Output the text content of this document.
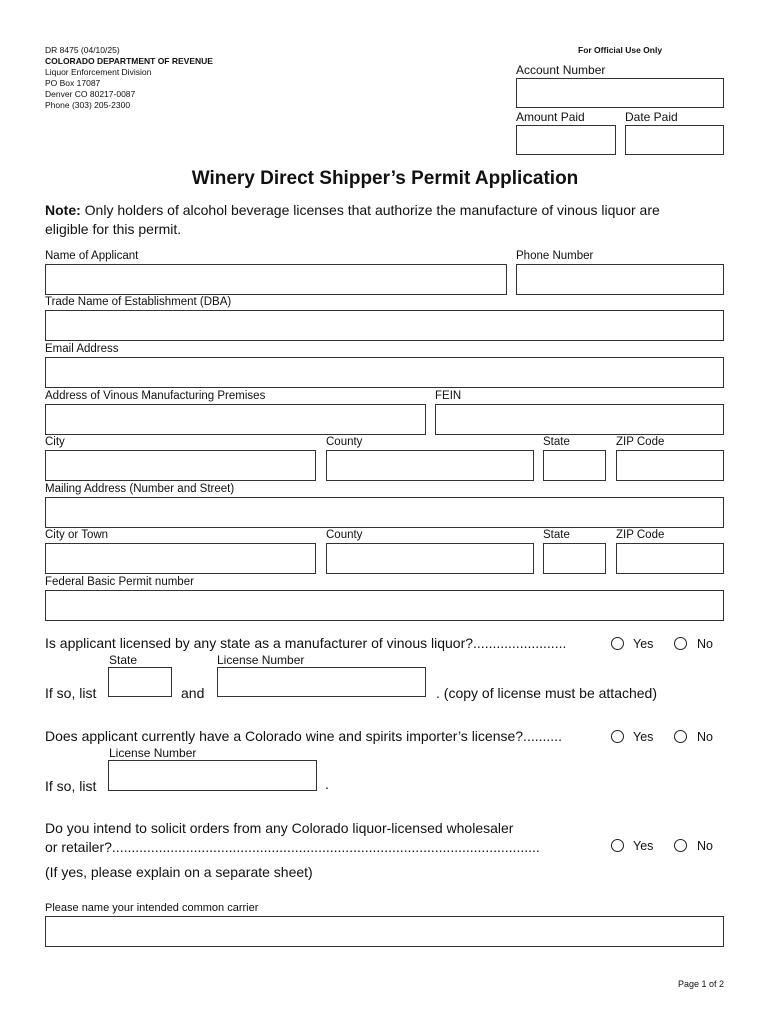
DR 8475 (04/10/25)
COLORADO DEPARTMENT OF REVENUE
Liquor Enforcement Division
PO Box 17087
Denver CO 80217-0087
Phone (303) 205-2300
For Official Use Only
Account Number
Amount Paid	Date Paid
Winery Direct Shipper’s Permit Application
Note: Only holders of alcohol beverage licenses that authorize the manufacture of vinous liquor are
eligible for this permit.
Name of Applicant	Phone Number
Trade Name of Establishment (DBA)
Email Address
Address of Vinous Manufacturing Premises	FEIN
City	County	State	ZIP Code
Mailing Address (Number and Street)
City or Town	County	State	ZIP Code
Federal Basic Permit number
Is applicant licensed by any state as a manufacturer of vinous liquor?........................	Yes	No
State	License Number
If so, list	and	. (copy of license must be attached)
Does applicant currently have a Colorado wine and spirits importer’s license?..........	Yes	No
License Number
If so, list	.
Do you intend to solicit orders from any Colorado liquor-licensed wholesaler
or retailer?..............................................................................................................	Yes	No
(If yes, please explain on a separate sheet)
Please name your intended common carrier
Page 1 of 2
